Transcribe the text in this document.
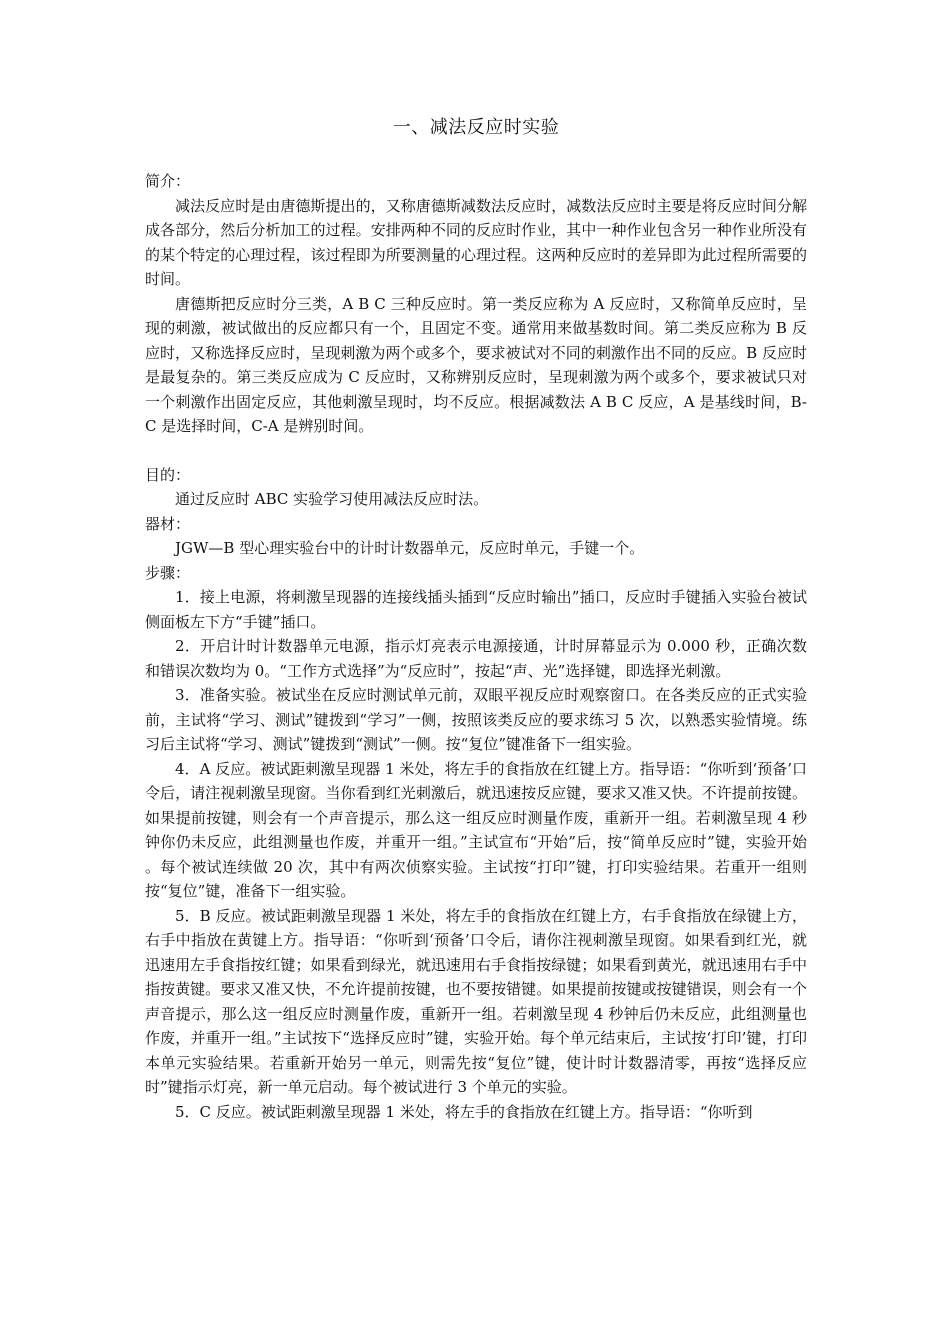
一、减法反应时实验

简介：

减法反应时是由唐德斯提出的，又称唐德斯减数法反应时，减数法反应时主要是将反应时间分解成各部分，然后分析加工的过程。安排两种不同的反应时作业，其中一种作业包含另一种作业所没有的某个特定的心理过程，该过程即为所要测量的心理过程。这两种反应时的差异即为此过程所需要的时间。

唐德斯把反应时分三类，A B C 三种反应时。第一类反应称为 A 反应时，又称简单反应时，呈现的刺激，被试做出的反应都只有一个，且固定不变。通常用来做基数时间。第二类反应称为 B 反应时，又称选择反应时，呈现刺激为两个或多个，要求被试对不同的刺激作出不同的反应。B 反应时是最复杂的。第三类反应成为 C 反应时，又称辨别反应时，呈现刺激为两个或多个，要求被试只对一个刺激作出固定反应，其他刺激呈现时，均不反应。根据减数法 A B C 反应，A 是基线时间，B-C 是选择时间，C-A 是辨别时间。

目的：

通过反应时 ABC 实验学习使用减法反应时法。

器材：

JGW—B 型心理实验台中的计时计数器单元，反应时单元，手键一个。

步骤：

1．接上电源，将刺激呈现器的连接线插头插到“反应时输出”插口，反应时手键插入实验台被试侧面板左下方“手键”插口。

2．开启计时计数器单元电源，指示灯亮表示电源接通，计时屏幕显示为 0.000 秒，正确次数和错误次数均为 0。“工作方式选择”为“反应时”，按起“声、光”选择键，即选择光刺激。

3．准备实验。被试坐在反应时测试单元前，双眼平视反应时观察窗口。在各类反应的正式实验前，主试将“学习、测试”键拨到“学习”一侧，按照该类反应的要求练习 5 次，以熟悉实验情境。练习后主试将“学习、测试”键拨到“测试”一侧。按“复位”键准备下一组实验。

4．A 反应。被试距刺激呈现器 1 米处，将左手的食指放在红键上方。指导语：“你听到‘预备’口令后，请注视刺激呈现窗。当你看到红光刺激后，就迅速按反应键，要求又准又快。不许提前按键。如果提前按键，则会有一个声音提示，那么这一组反应时测量作废，重新开一组。若刺激呈现 4 秒钟你仍未反应，此组测量也作废，并重开一组。”主试宣布“开始”后，按“简单反应时”键，实验开始 。每个被试连续做 20 次，其中有两次侦察实验。主试按“打印”键，打印实验结果。若重开一组则按“复位”键，准备下一组实验。

5．B 反应。被试距刺激呈现器 1 米处，将左手的食指放在红键上方，右手食指放在绿键上方，右手中指放在黄键上方。指导语：“你听到‘预备’口令后，请你注视刺激呈现窗。如果看到红光，就迅速用左手食指按红键；如果看到绿光，就迅速用右手食指按绿键；如果看到黄光，就迅速用右手中指按黄键。要求又准又快，不允许提前按键，也不要按错键。如果提前按键或按键错误，则会有一个声音提示，那么这一组反应时测量作废，重新开一组。若刺激呈现 4 秒钟后仍未反应，此组测量也作废，并重开一组。”主试按下“选择反应时”键，实验开始。每个单元结束后，主试按‘打印’键，打印本单元实验结果。若重新开始另一单元，则需先按“复位”键，使计时计数器清零，再按“选择反应时”键指示灯亮，新一单元启动。每个被试进行 3 个单元的实验。

5．C 反应。被试距刺激呈现器 1 米处，将左手的食指放在红键上方。指导语：“你听到
